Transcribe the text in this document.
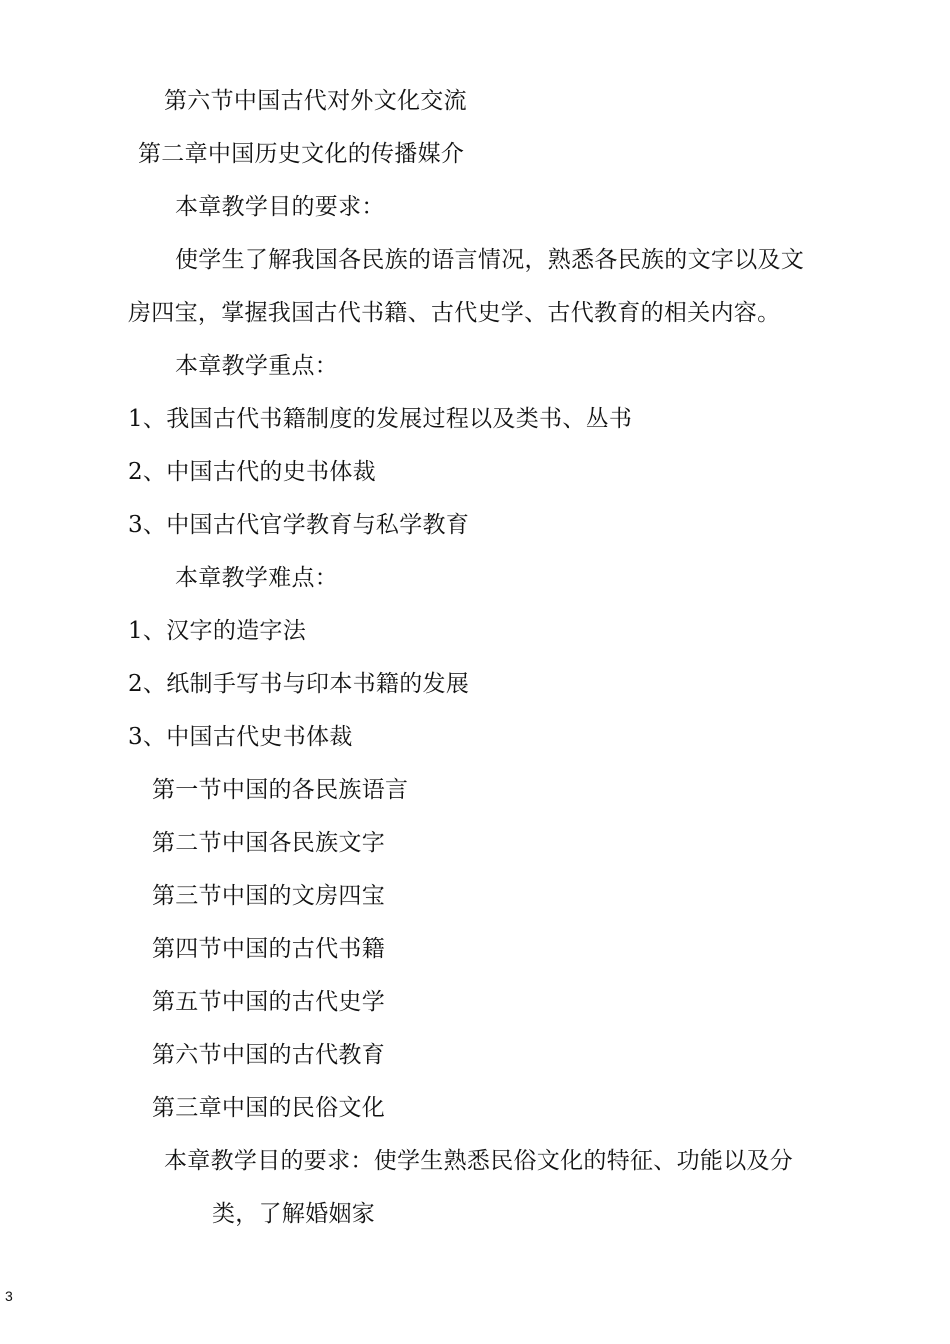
第六节中国古代对外文化交流
第二章中国历史文化的传播媒介
本章教学目的要求：
使学生了解我国各民族的语言情况，熟悉各民族的文字以及文
房四宝，掌握我国古代书籍、古代史学、古代教育的相关内容。
本章教学重点：
1、我国古代书籍制度的发展过程以及类书、丛书
2、中国古代的史书体裁
3、中国古代官学教育与私学教育
本章教学难点：
1、汉字的造字法
2、纸制手写书与印本书籍的发展
3、中国古代史书体裁
第一节中国的各民族语言
第二节中国各民族文字
第三节中国的文房四宝
第四节中国的古代书籍
第五节中国的古代史学
第六节中国的古代教育
第三章中国的民俗文化
本章教学目的要求：使学生熟悉民俗文化的特征、功能以及分
类，了解婚姻家
3
